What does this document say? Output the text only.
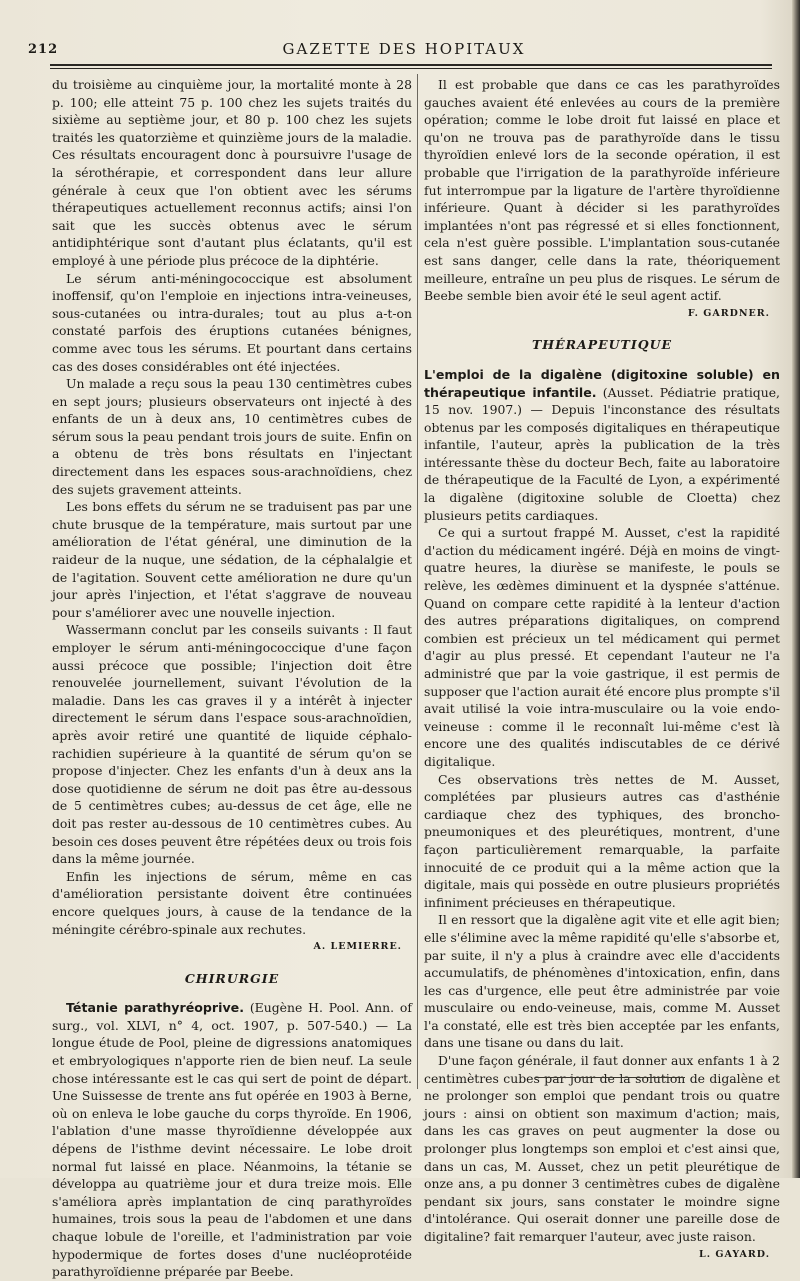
212	GAZETTE DES HOPITAUX

du troisième au cinquième jour, la mortalité monte à 28 p. 100; elle atteint 75 p. 100 chez les sujets traités du sixième au septième jour, et 80 p. 100 chez les sujets traités les quatorzième et quinzième jours de la maladie. Ces résultats encouragent donc à poursuivre l'usage de la sérothérapie, et correspondent dans leur allure générale à ceux que l'on obtient avec les sérums thérapeutiques actuellement reconnus actifs; ainsi l'on sait que les succès obtenus avec le sérum antidiphtérique sont d'autant plus éclatants, qu'il est employé à une période plus précoce de la diphtérie.

Le sérum anti-méningococcique est absolument inoffensif, qu'on l'emploie en injections intra-veineuses, sous-cutanées ou intra-durales; tout au plus a-t-on constaté parfois des éruptions cutanées bénignes, comme avec tous les sérums. Et pourtant dans certains cas des doses considérables ont été injectées.

Un malade a reçu sous la peau 130 centimètres cubes en sept jours; plusieurs observateurs ont injecté à des enfants de un à deux ans, 10 centimètres cubes de sérum sous la peau pendant trois jours de suite. Enfin on a obtenu de très bons résultats en l'injectant directement dans les espaces sous-arachnoïdiens, chez des sujets gravement atteints.

Les bons effets du sérum ne se traduisent pas par une chute brusque de la température, mais surtout par une amélioration de l'état général, une diminution de la raideur de la nuque, une sédation, de la céphalalgie et de l'agitation. Souvent cette amélioration ne dure qu'un jour après l'injection, et l'état s'aggrave de nouveau pour s'améliorer avec une nouvelle injection.

Wassermann conclut par les conseils suivants : Il faut employer le sérum anti-méningococcique d'une façon aussi précoce que possible; l'injection doit être renouvelée journellement, suivant l'évolution de la maladie. Dans les cas graves il y a intérêt à injecter directement le sérum dans l'espace sous-arachnoïdien, après avoir retiré une quantité de liquide céphalo-rachidien supérieure à la quantité de sérum qu'on se propose d'injecter. Chez les enfants d'un à deux ans la dose quotidienne de sérum ne doit pas être au-dessous de 5 centimètres cubes; au-dessus de cet âge, elle ne doit pas rester au-dessous de 10 centimètres cubes. Au besoin ces doses peuvent être répétées deux ou trois fois dans la même journée.

Enfin les injections de sérum, même en cas d'amélioration persistante doivent être continuées encore quelques jours, à cause de la tendance de la méningite cérébro-spinale aux rechutes.

A. LEMIERRE.
CHIRURGIE

Tétanie parathyréoprive. (Eugène H. Pool. Ann. of surg., vol. XLVI, n° 4, oct. 1907, p. 507-540.) — La longue étude de Pool, pleine de digressions anatomiques et embryologiques n'apporte rien de bien neuf. La seule chose intéressante est le cas qui sert de point de départ. Une Suissesse de trente ans fut opérée en 1903 à Berne, où on enleva le lobe gauche du corps thyroïde. En 1906, l'ablation d'une masse thyroïdienne développée aux dépens de l'isthme devint nécessaire. Le lobe droit normal fut laissé en place. Néanmoins, la tétanie se développa au quatrième jour et dura treize mois. Elle s'améliora après implantation de cinq parathyroïdes humaines, trois sous la peau de l'abdomen et une dans chaque lobule de l'oreille, et l'administration par voie hypodermique de fortes doses d'une nucléoprotéide parathyroïdienne préparée par Beebe.

Il est probable que dans ce cas les parathyroïdes gauches avaient été enlevées au cours de la première opération; comme le lobe droit fut laissé en place et qu'on ne trouva pas de parathyroïde dans le tissu thyroïdien enlevé lors de la seconde opération, il est probable que l'irrigation de la parathyroïde inférieure fut interrompue par la ligature de l'artère thyroïdienne inférieure. Quant à décider si les parathyroïdes implantées n'ont pas régressé et si elles fonctionnent, cela n'est guère possible. L'implantation sous-cutanée est sans danger, celle dans la rate, théoriquement meilleure, entraîne un peu plus de risques. Le sérum de Beebe semble bien avoir été le seul agent actif.

F. GARDNER.
THÉRAPEUTIQUE

L'emploi de la digalène (digitoxine soluble) en thérapeutique infantile. (Ausset. Pédiatrie pratique, 15 nov. 1907.) — Depuis l'inconstance des résultats obtenus par les composés digitaliques en thérapeutique infantile, l'auteur, après la publication de la très intéressante thèse du docteur Bech, faite au laboratoire de thérapeutique de la Faculté de Lyon, a expérimenté la digalène (digitoxine soluble de Cloetta) chez plusieurs petits cardiaques.

Ce qui a surtout frappé M. Ausset, c'est la rapidité d'action du médicament ingéré. Déjà en moins de vingt-quatre heures, la diurèse se manifeste, le pouls se relève, les œdèmes diminuent et la dyspnée s'atténue. Quand on compare cette rapidité à la lenteur d'action des autres préparations digitaliques, on comprend combien est précieux un tel médicament qui permet d'agir au plus pressé. Et cependant l'auteur ne l'a administré que par la voie gastrique, il est permis de supposer que l'action aurait été encore plus prompte s'il avait utilisé la voie intra-musculaire ou la voie endo-veineuse : comme il le reconnaît lui-même c'est là encore une des qualités indiscutables de ce dérivé digitalique.

Ces observations très nettes de M. Ausset, complétées par plusieurs autres cas d'asthénie cardiaque chez des typhiques, des broncho-pneumoniques et des pleurétiques, montrent, d'une façon particulièrement remarquable, la parfaite innocuité de ce produit qui a la même action que la digitale, mais qui possède en outre plusieurs propriétés infiniment précieuses en thérapeutique.

Il en ressort que la digalène agit vite et elle agit bien; elle s'élimine avec la même rapidité qu'elle s'absorbe et, par suite, il n'y a plus à craindre avec elle d'accidents accumulatifs, de phénomènes d'intoxication, enfin, dans les cas d'urgence, elle peut être administrée par voie musculaire ou endo-veineuse, mais, comme M. Ausset l'a constaté, elle est très bien acceptée par les enfants, dans une tisane ou dans du lait.

D'une façon générale, il faut donner aux enfants 1 à 2 centimètres cubes par jour de la solution de digalène et ne prolonger son emploi que pendant trois ou quatre jours : ainsi on obtient son maximum d'action; mais, dans les cas graves on peut augmenter la dose ou prolonger plus longtemps son emploi et c'est ainsi que, dans un cas, M. Ausset, chez un petit pleurétique de onze ans, a pu donner 3 centimètres cubes de digalène pendant six jours, sans constater le moindre signe d'intolérance. Qui oserait donner une pareille dose de digitaline? fait remarquer l'auteur, avec juste raison.

L. GAYARD.
